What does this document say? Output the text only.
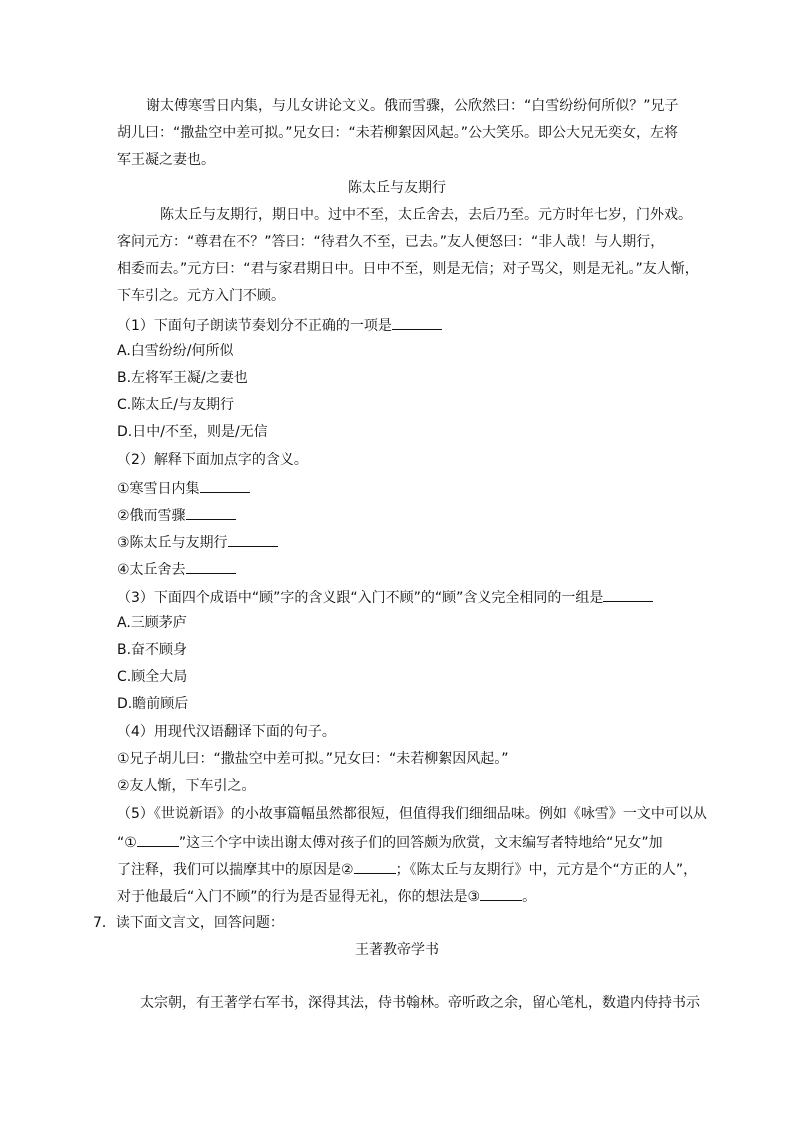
谢太傅寒雪日内集，与儿女讲论文义。俄而雪骤，公欣然曰：“白雪纷纷何所似？”兄子
胡儿曰：“撒盐空中差可拟。”兄女曰：“未若柳絮因风起。”公大笑乐。即公大兄无奕女，左将
军王凝之妻也。
陈太丘与友期行
陈太丘与友期行，期日中。过中不至，太丘舍去，去后乃至。元方时年七岁，门外戏。
客问元方：“尊君在不？”答曰：“待君久不至，已去。”友人便怒曰：“非人哉！与人期行，
相委而去。”元方曰：“君与家君期日中。日中不至，则是无信；对子骂父，则是无礼。”友人惭，
下车引之。元方入门不顾。
（1）下面句子朗读节奏划分不正确的一项是
A.白雪纷纷/何所似
B.左将军王凝/之妻也
C.陈太丘/与友期行
D.日中/不至，则是/无信
（2）解释下面加点字的含义。
①寒雪日内集
②俄而雪骤
③陈太丘与友期行
④太丘舍去
（3）下面四个成语中“顾”字的含义跟“入门不顾”的“顾”含义完全相同的一组是
A.三顾茅庐
B.奋不顾身
C.顾全大局
D.瞻前顾后
（4）用现代汉语翻译下面的句子。
①兄子胡儿曰：“撒盐空中差可拟。”兄女曰：“未若柳絮因风起。”
②友人惭，下车引之。
（5）《世说新语》的小故事篇幅虽然都很短，但值得我们细细品味。例如《咏雪》一文中可以从
“①	”这三个字中读出谢太傅对孩子们的回答颇为欣赏，文末编写者特地给“兄女”加
了注释，我们可以揣摩其中的原因是②	；《陈太丘与友期行》中，元方是个“方正的人”，
对于他最后“入门不顾”的行为是否显得无礼，你的想法是③	。
7．读下面文言文，回答问题：
王著教帝学书
太宗朝，有王著学右军书，深得其法，侍书翰林。帝听政之余，留心笔札，数遣内侍持书示
